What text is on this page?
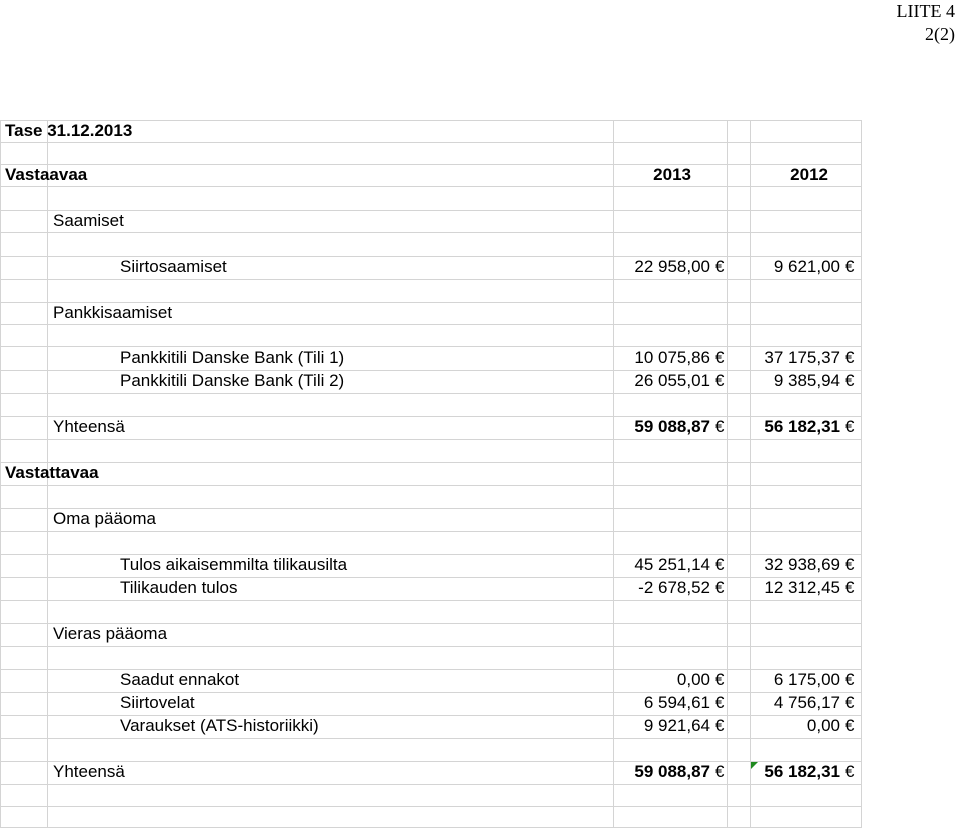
LIITE 4
2(2)
Tase 31.12.2013
Vastaavaa	2013	2012
Saamiset
Siirtosaamiset	22 958,00 €	9 621,00 €
Pankkisaamiset
Pankkitili Danske Bank (Tili 1)	10 075,86 €	37 175,37 €
Pankkitili Danske Bank (Tili 2)	26 055,01 €	9 385,94 €
Yhteensä	59 088,87 €	56 182,31 €
Vastattavaa
Oma pääoma
Tulos aikaisemmilta tilikausilta	45 251,14 €	32 938,69 €
Tilikauden tulos	-2 678,52 €	12 312,45 €
Vieras pääoma
Saadut ennakot	0,00 €	6 175,00 €
Siirtovelat	6 594,61 €	4 756,17 €
Varaukset (ATS-historiikki)	9 921,64 €	0,00 €
Yhteensä	59 088,87 €	56 182,31 €
